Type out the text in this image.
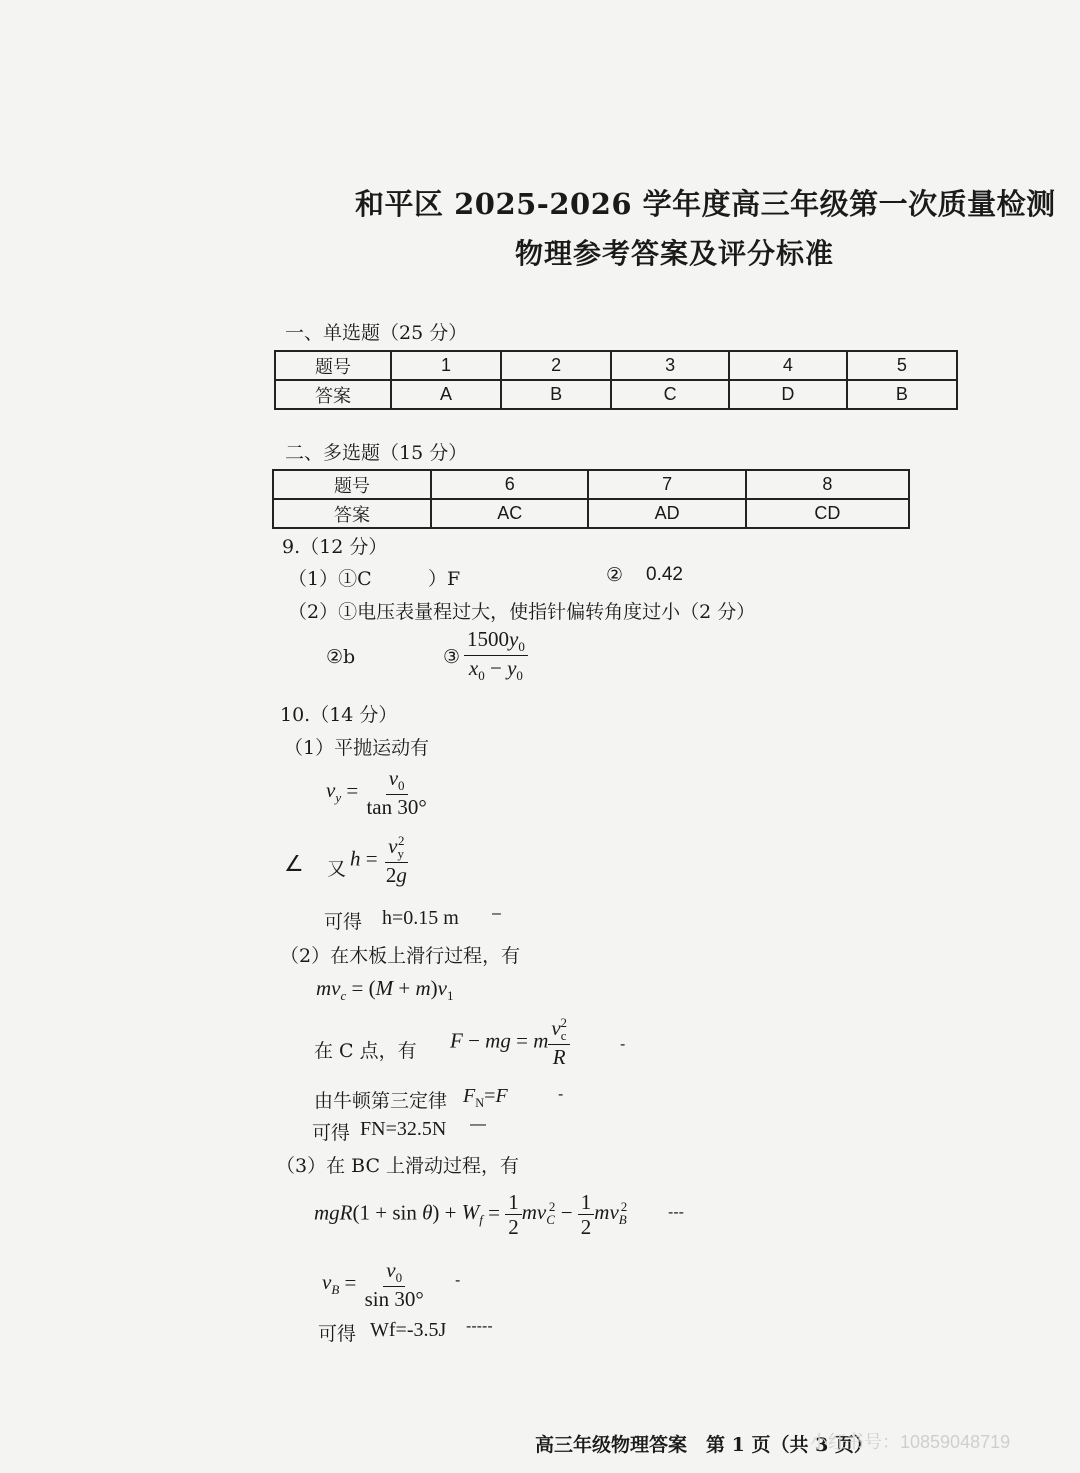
和平区 2025-2026 学年度高三年级第一次质量检测
物理参考答案及评分标准
一、单选题（25 分）
题号	1	2	3	4	5
答案	A	B	C	D	B
二、多选题（15 分）
题号	6	7	8
答案	AC	AD	CD
9.（12 分）
（1）①C	）F	② 0.42
（2）①电压表量程过大，使指针偏转角度过小（2 分）
②b	③ $\frac{1500y_0}{x_0 - y_0}$
10.（14 分）
（1）平抛运动有
$v_y = \frac{v_0}{\tan 30^\circ}$
∠ 又 $h = \frac{v_y^2}{2g}$
可得 h=0.15 m –
（2）在木板上滑行过程，有
$mv_c = (M + m)v_1$
在 C 点，有 F − mg = m $\frac{v_c^2}{R}$	-
由牛顿第三定律 $F_N=F$	-
可得 FN=32.5N —
（3）在 BC 上滑动过程，有
$mgR(1 + \sin \theta) + W_f = \frac{1}{2} mv_C^2 - \frac{1}{2} mv_B^2$	---
$v_B = \frac{v_0}{\sin 30^\circ}$ -
可得 Wf=-3.5J -----
高三年级物理答案　第 1 页（共 3 页）
小红书号：10859048719
